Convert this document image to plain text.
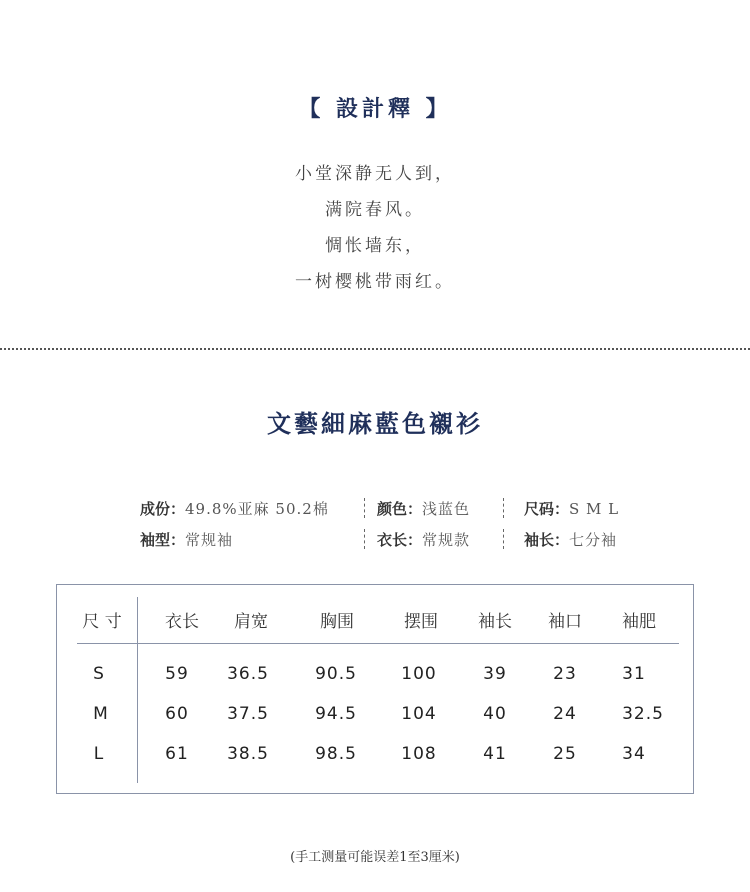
【 設計釋 】
小堂深静无人到，
满院春风。
惆怅墙东，
一树樱桃带雨红。
文藝細麻藍色襯衫
成份：49.8%亚麻 50.2棉	颜色：浅蓝色	尺码：S M L
袖型：常规袖	衣长：常规款	袖长：七分袖
尺 寸	衣长 肩宽	胸围	摆围 袖长 袖口 袖肥
S	59 36.5	90.5	100	39	23	31
M	60 37.5	94.5	104	40	24	32.5
L	61 38.5	98.5	108	41	25	34
(手工测量可能误差1至3厘米)
